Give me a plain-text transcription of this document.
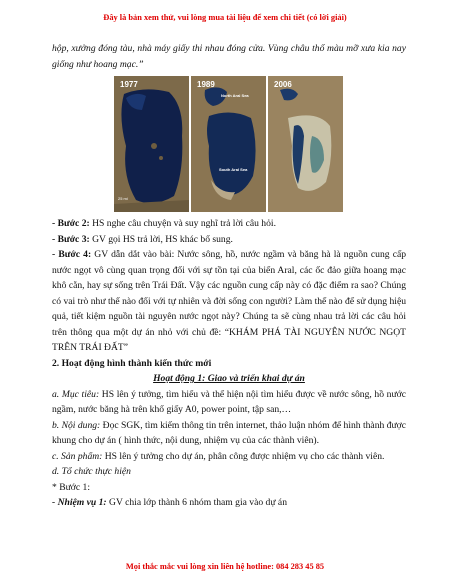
Đây là bản xem thử, vui lòng mua tài liệu để xem chi tiết (có lời giải)

hộp, xưởng đóng tàu, nhà máy giấy thi nhau đóng cửa. Vùng châu thổ màu mỡ xưa kia nay giống như hoang mạc.”

1977
25 mi
1989
North Aral Sea
South Aral Sea
2006

- Bước 2: HS nghe câu chuyện và suy nghĩ trả lời câu hỏi.

- Bước 3: GV gọi HS trả lời, HS khác bổ sung.

- Bước 4: GV dẫn dắt vào bài: Nước sông, hồ, nước ngầm và băng hà là nguồn cung cấp nước ngọt vô cùng quan trọng đối với sự tồn tại của biển Aral, các ốc đảo giữa hoang mạc khô cằn, hay sự sống trên Trái Đất. Vậy các nguồn cung cấp này có đặc điểm ra sao? Chúng có vai trò như thế nào đối với tự nhiên và đời sống con người? Làm thế nào để sử dụng hiệu quả, tiết kiệm nguồn tài nguyên nước ngọt này? Chúng ta sẽ cùng nhau trả lời các câu hỏi trên thông qua một dự án nhỏ với chủ đề: “KHÁM PHÁ TÀI NGUYÊN NƯỚC NGỌT TRÊN TRÁI ĐẤT”

2. Hoạt động hình thành kiến thức mới

Hoạt động 1: Giao và triển khai dự án

a. Mục tiêu: HS lên ý tưởng, tìm hiểu và thể hiện nội tìm hiểu được về nước sông, hồ nước ngầm, nước băng hà trên khổ giấy A0, power point, tập san,…

b. Nội dung: Đọc SGK, tìm kiếm thông tin trên internet, thảo luận nhóm để hình thành được khung cho dự án ( hình thức, nội dung, nhiệm vụ của các thành viên).

c. Sản phẩm: HS lên ý tưởng cho dự án, phân công được nhiệm vụ cho các thành viên.

d. Tổ chức thực hiện

* Bước 1:

- Nhiệm vụ 1: GV chia lớp thành 6 nhóm tham gia vào dự án

Mọi thắc mắc vui lòng xin liên hệ hotline: 084 283 45 85
